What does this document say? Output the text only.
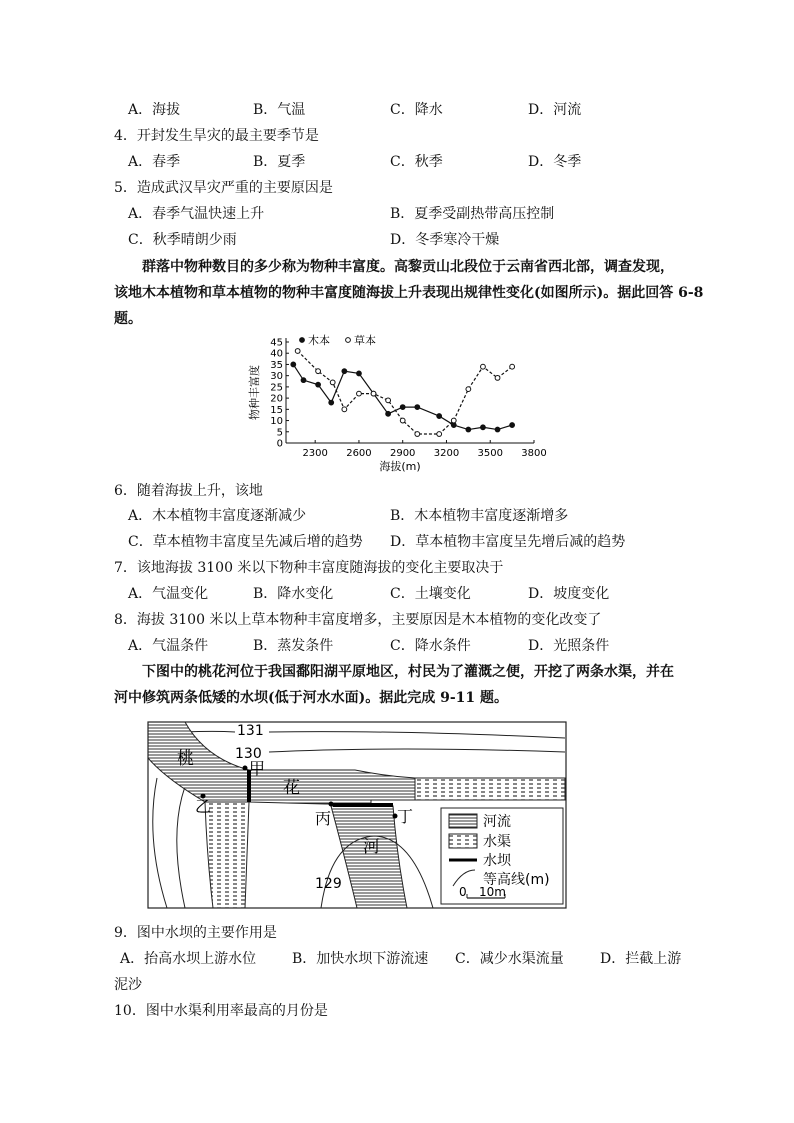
A．海拔	B．气温	C．降水	D．河流
4．开封发生旱灾的最主要季节是
A．春季	B．夏季	C．秋季	D．冬季
5．造成武汉旱灾严重的主要原因是
A．春季气温快速上升	B．夏季受副热带高压控制
C．秋季晴朗少雨	D．冬季寒冷干燥
群落中物种数目的多少称为物种丰富度。高黎贡山北段位于云南省西北部，调查发现，
该地木本植物和草本植物的物种丰富度随海拔上升表现出规律性变化(如图所示)。据此回答 6-8
题。
0
5
10
15
20
25
30
35
40
45
2300 2600 2900 3200 3500 3800
海拔(m)
物种丰富度
木本 草本
6．随着海拔上升，该地
A．木本植物丰富度逐渐减少	B．木本植物丰富度逐渐增多
C．草本植物丰富度呈先减后增的趋势 D．草本植物丰富度呈先增后减的趋势
7．该地海拔 3100 米以下物种丰富度随海拔的变化主要取决于
A．气温变化	B．降水变化	C．土壤变化	D．坡度变化
8．海拔 3100 米以上草本物种丰富度增多，主要原因是木本植物的变化改变了
A．气温条件	B．蒸发条件	C．降水条件	D．光照条件
下图中的桃花河位于我国鄱阳湖平原地区，村民为了灌溉之便，开挖了两条水渠，并在
河中修筑两条低矮的水坝(低于河水水面)。据此完成 9-11 题。
131
130
129
桃
花
河
甲
乙
丙	丁	河流
水渠
水坝
等高线(m)
0 10m
9．图中水坝的主要作用是
A．抬高水坝上游水位	B．加快水坝下游流速 C．减少水渠流量	D．拦截上游
泥沙
10．图中水渠利用率最高的月份是
